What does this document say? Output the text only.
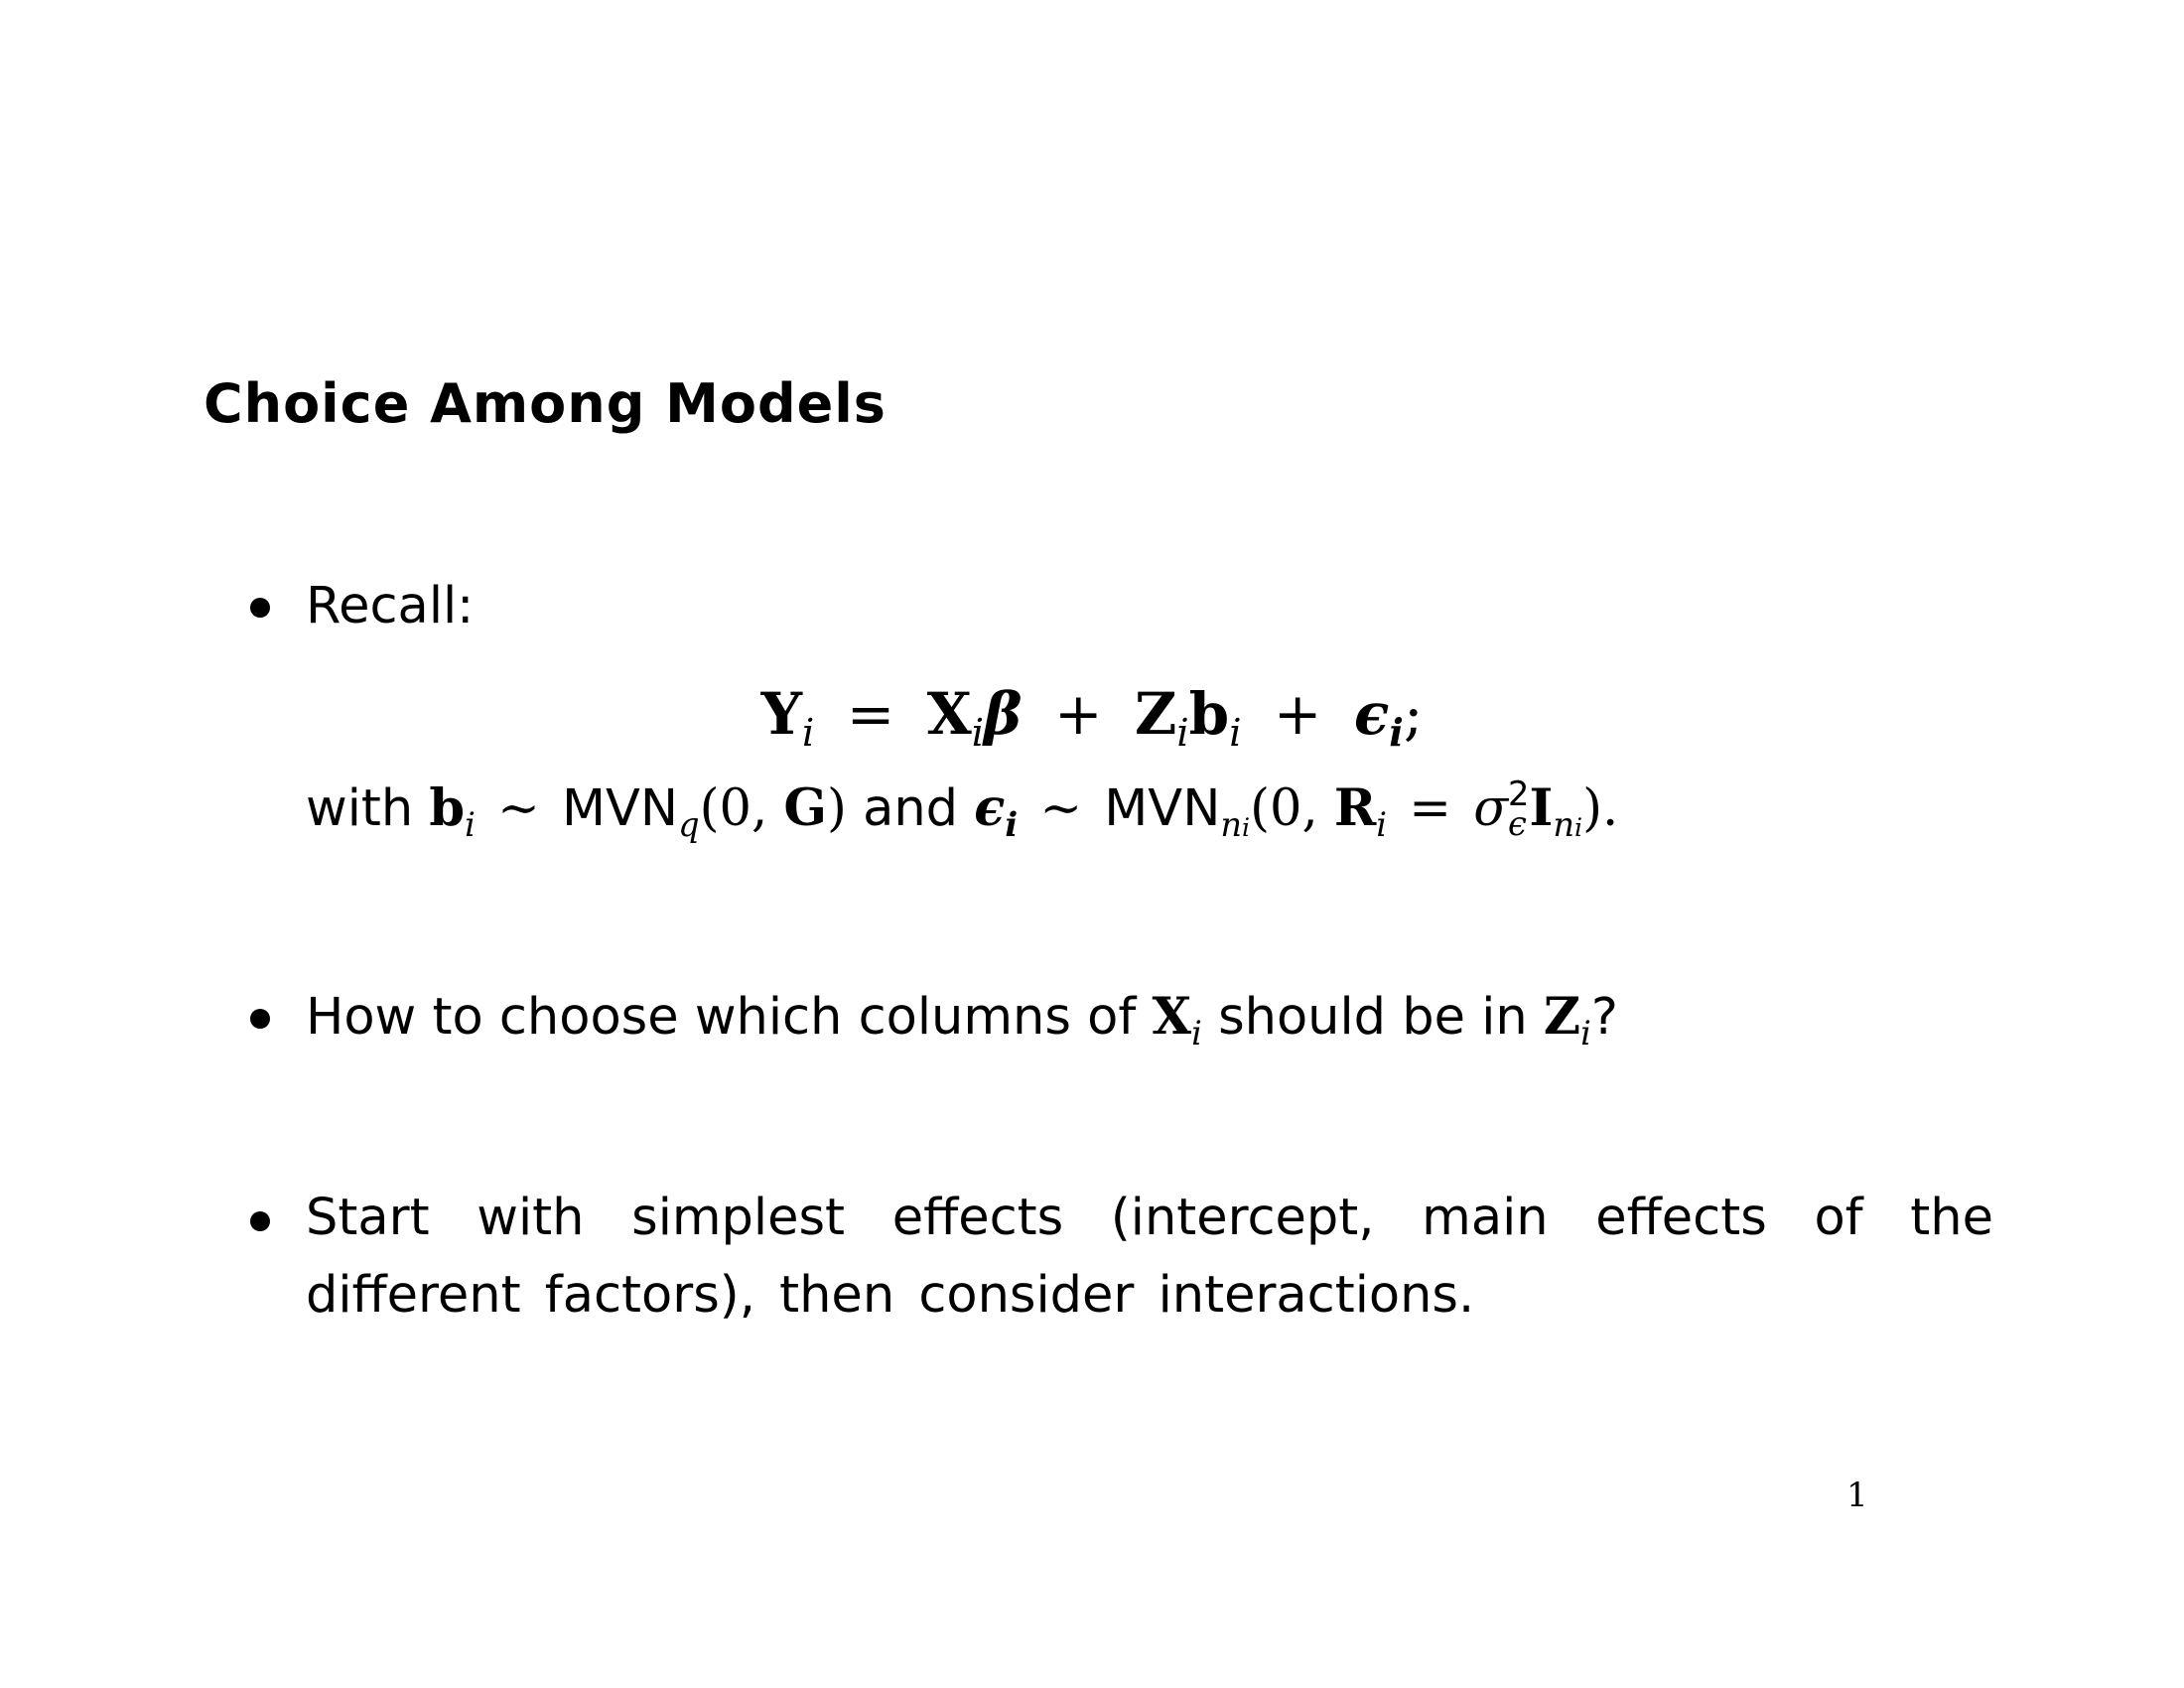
Choice Among Models
Recall:
$Y_i = X_i\beta + Z_ib_i + \epsilon_i$;
with $b_i$ ∼ $MVN_q(0$, G) and $\epsilon_i$ ∼ $MVN_{ni}(0$, $R_i = \sigma$ 2
ϵ $I_{ni}$).
How to choose which columns of $X_i$ should be in $Z_i$?
Start with simplest effects (intercept, main effects of the different factors), then consider interactions.
1
